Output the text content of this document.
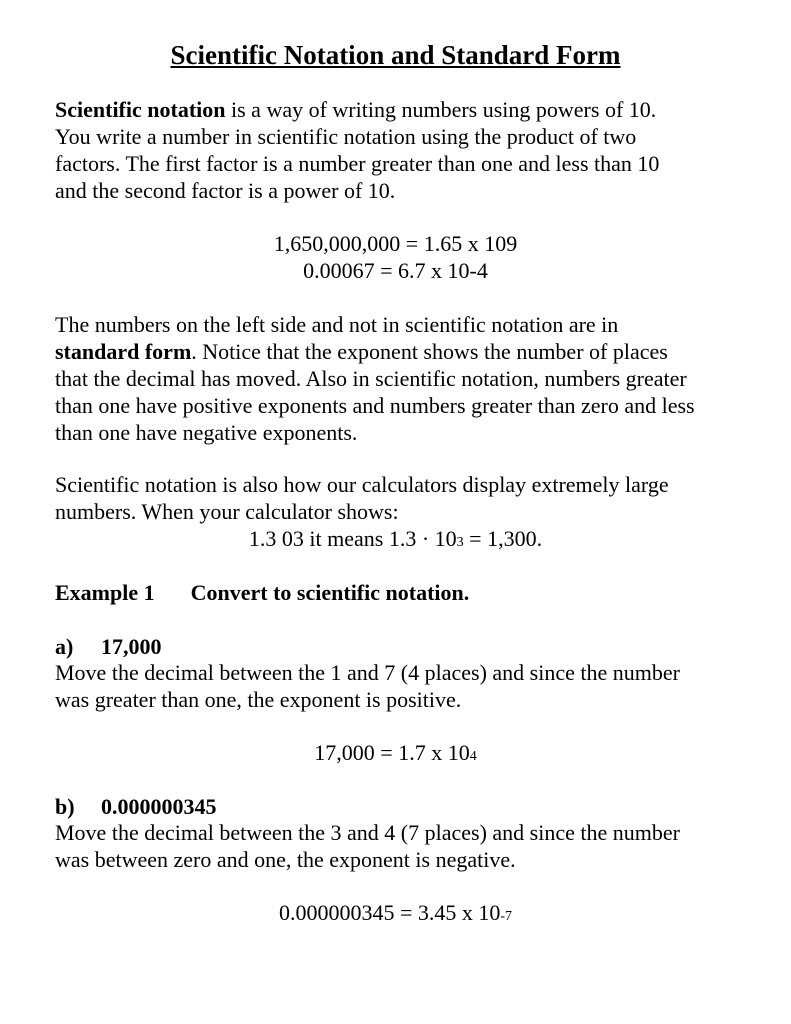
Scientific Notation and Standard Form
Scientific notation is a way of writing numbers using powers of 10.
You write a number in scientific notation using the product of two
factors. The first factor is a number greater than one and less than 10
and the second factor is a power of 10.
1,650,000,000 = 1.65 x 109
0.00067 = 6.7 x 10-4
The numbers on the left side and not in scientific notation are in
standard form. Notice that the exponent shows the number of places
that the decimal has moved. Also in scientific notation, numbers greater
than one have positive exponents and numbers greater than zero and less
than one have negative exponents.
Scientific notation is also how our calculators display extremely large
numbers. When your calculator shows:
1.3 03 it means 1.3 · 103 = 1,300.
Example 1 Convert to scientific notation.
a) 17,000
Move the decimal between the 1 and 7 (4 places) and since the number
was greater than one, the exponent is positive.
17,000 = 1.7 x 104
b) 0.000000345
Move the decimal between the 3 and 4 (7 places) and since the number
was between zero and one, the exponent is negative.
0.000000345 = 3.45 x 10-7
